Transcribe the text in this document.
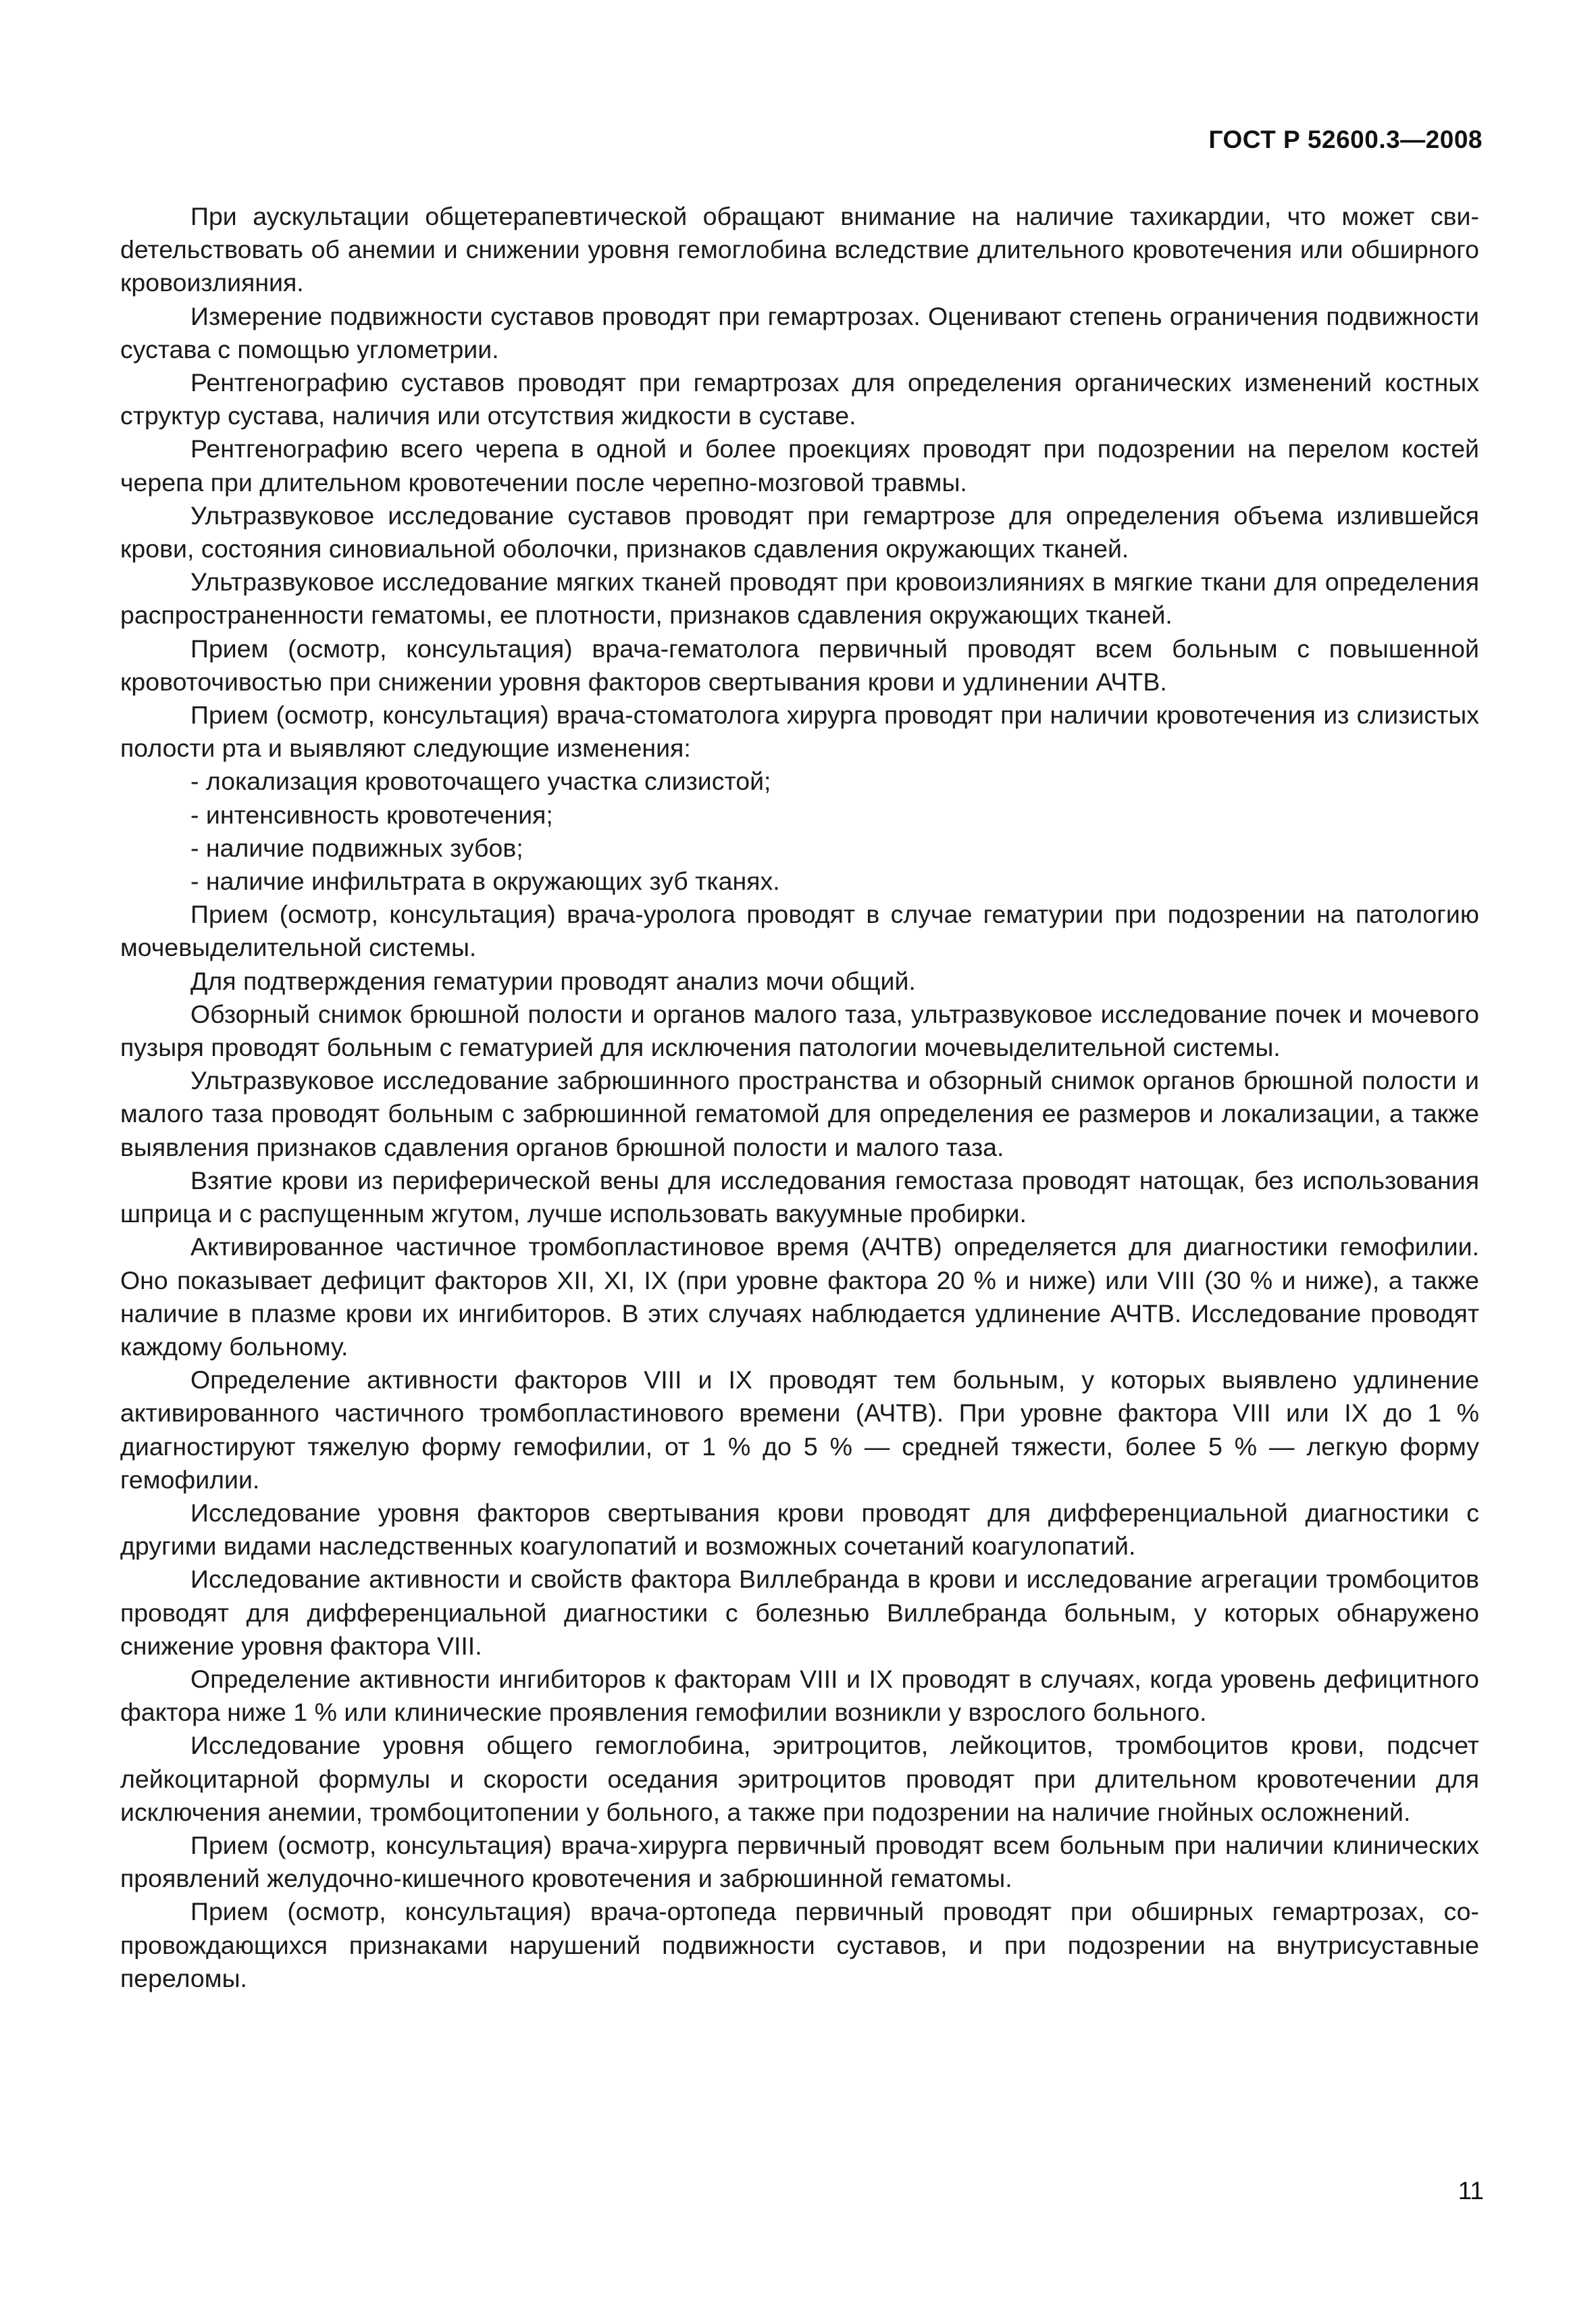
ГОСТ Р 52600.3—2008

При аускультации общетерапевтической обращают внимание на наличие тахикардии, что может свиdетельствовать об анемии и снижении уровня гемоглобина вследствие длительного кровотечения или обширного кровоизлияния.

Измерение подвижности суставов проводят при гемартрозах. Оценивают степень ограничения подвижности сустава с помощью углометрии.

Рентгенографию суставов проводят при гемартрозах для определения органических изменений костных структур сустава, наличия или отсутствия жидкости в суставе.

Рентгенографию всего черепа в одной и более проекциях проводят при подозрении на перелом костей черепа при длительном кровотечении после черепно-мозговой травмы.

Ультразвуковое исследование суставов проводят при гемартрозе для определения объема излившейся крови, состояния синовиальной оболочки, признаков сдавления окружающих тканей.

Ультразвуковое исследование мягких тканей проводят при кровоизлияниях в мягкие ткани для определения распространенности гематомы, ее плотности, признаков сдавления окружающих тканей.

Прием (осмотр, консультация) врача-гематолога первичный проводят всем больным с повышенной кровоточивостью при снижении уровня факторов свертывания крови и удлинении АЧТВ.

Прием (осмотр, консультация) врача-стоматолога хирурга проводят при наличии кровотечения из слизистых полости рта и выявляют следующие изменения:

- локализация кровоточащего участка слизистой;

- интенсивность кровотечения;

- наличие подвижных зубов;

- наличие инфильтрата в окружающих зуб тканях.

Прием (осмотр, консультация) врача-уролога проводят в случае гематурии при подозрении на патологию мочевыделительной системы.

Для подтверждения гематурии проводят анализ мочи общий.

Обзорный снимок брюшной полости и органов малого таза, ультразвуковое исследование почек и мочевого пузыря проводят больным с гематурией для исключения патологии мочевыделительной системы.

Ультразвуковое исследование забрюшинного пространства и обзорный снимок органов брюшной полости и малого таза проводят больным с забрюшинной гематомой для определения ее размеров и локализации, а также выявления признаков сдавления органов брюшной полости и малого таза.

Взятие крови из периферической вены для исследования гемостаза проводят натощак, без использования шприца и с распущенным жгутом, лучше использовать вакуумные пробирки.

Активированное частичное тромбопластиновое время (АЧТВ) определяется для диагностики гемофилии. Оно показывает дефицит факторов XII, XI, IX (при уровне фактора 20 % и ниже) или VIII (30 % и ниже), а также наличие в плазме крови их ингибиторов. В этих случаях наблюдается удлинение АЧТВ. Исследование проводят каждому больному.

Определение активности факторов VIII и IX проводят тем больным, у которых выявлено удлинение активированного частичного тромбопластинового времени (АЧТВ). При уровне фактора VIII или IX до 1 % диагностируют тяжелую форму гемофилии, от 1 % до 5 % — средней тяжести, более 5 % — легкую форму гемофилии.

Исследование уровня факторов свертывания крови проводят для дифференциальной диагностики с другими видами наследственных коагулопатий и возможных сочетаний коагулопатий.

Исследование активности и свойств фактора Виллебранда в крови и исследование агрегации тромбоцитов проводят для дифференциальной диагностики с болезнью Виллебранда больным, у которых обнаружено снижение уровня фактора VIII.

Определение активности ингибиторов к факторам VIII и IX проводят в случаях, когда уровень дефицитного фактора ниже 1 % или клинические проявления гемофилии возникли у взрослого больного.

Исследование уровня общего гемоглобина, эритроцитов, лейкоцитов, тромбоцитов крови, подсчет лейкоцитарной формулы и скорости оседания эритроцитов проводят при длительном кровотечении для исключения анемии, тромбоцитопении у больного, а также при подозрении на наличие гнойных осложнений.

Прием (осмотр, консультация) врача-хирурга первичный проводят всем больным при наличии клинических проявлений желудочно-кишечного кровотечения и забрюшинной гематомы.

Прием (осмотр, консультация) врача-ортопеда первичный проводят при обширных гемартрозах, сопровождающихся признаками нарушений подвижности суставов, и при подозрении на внутрисуставные переломы.

11
